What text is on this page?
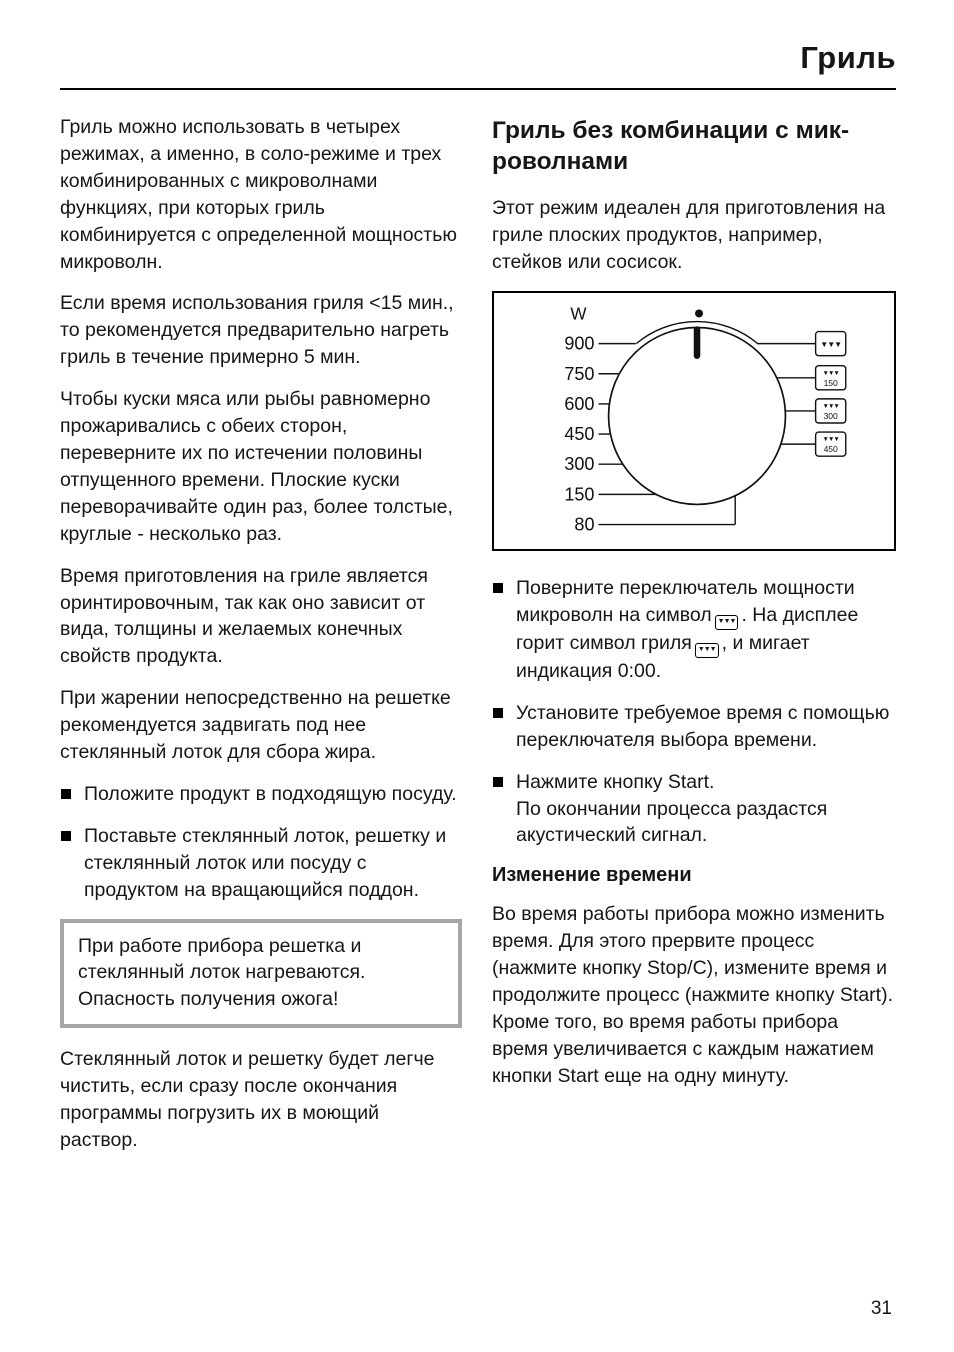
Гриль

Гриль можно использовать в четырех режимах, а именно, в соло-режиме и трех комбинированных с микроволнами функциях, при которых гриль комбинируется с определенной мощностью микроволн.

Если время использования гриля <15 мин., то рекомендуется предварительно нагреть гриль в течение примерно 5 мин.

Чтобы куски мяса или рыбы равномерно прожаривались с обеих сторон, переверните их по истечении половины отпущенного времени. Плоские куски переворачивайте один раз, более толстые, круглые - несколько раз.

Время приготовления на гриле является оринтировочным, так как оно зависит от вида, толщины и желаемых конечных свойств продукта.

При жарении непосредственно на решетке рекомендуется задвигать под нее стеклянный лоток для сбора жира.

Положите продукт в подходящую посуду.

Поставьте стеклянный лоток, решетку и стеклянный лоток или посуду с продуктом на вращающийся поддон.

При работе прибора решетка и стеклянный лоток нагреваются. Опасность получения ожога!

Стеклянный лоток и решетку будет легче чистить, если сразу после окончания программы погрузить их в моющий раствор.

Гриль без комбинации с мик-
роволнами

Этот режим идеален для приготовления на гриле плоских продуктов, например, стейков или сосисок.

W
900
750
600
450
300
150
80
▼▼▼
▼▼▼
150
▼▼▼
300
▼▼▼
450

Поверните переключатель мощности микроволн на символ ▼▼▼ . На дисплее горит символ гриля ▼▼▼ , и мигает индикация 0:00.

Установите требуемое время с помощью переключателя выбора времени.

Нажмите кнопку Start.
По окончании процесса раздастся акустический сигнал.

Изменение времени

Во время работы прибора можно изменить время. Для этого прервите процесс (нажмите кнопку Stop/C), измените время и продолжите процесс (нажмите кнопку Start).

Кроме того, во время работы прибора время увеличивается с каждым нажатием кнопки Start еще на одну минуту.

31
